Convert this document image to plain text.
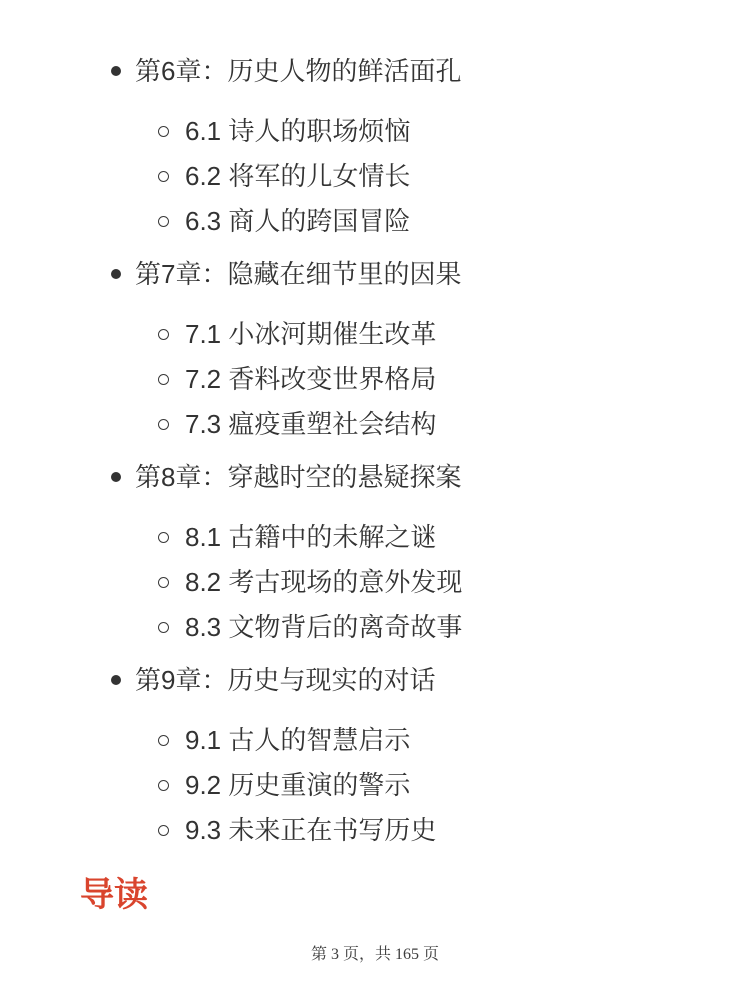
第6章：历史人物的鲜活面孔
6.1 诗人的职场烦恼
6.2 将军的儿女情长
6.3 商人的跨国冒险
第7章：隐藏在细节里的因果
7.1 小冰河期催生改革
7.2 香料改变世界格局
7.3 瘟疫重塑社会结构
第8章：穿越时空的悬疑探案
8.1 古籍中的未解之谜
8.2 考古现场的意外发现
8.3 文物背后的离奇故事
第9章：历史与现实的对话
9.1 古人的智慧启示
9.2 历史重演的警示
9.3 未来正在书写历史
导读
第 3 页，共 165 页
